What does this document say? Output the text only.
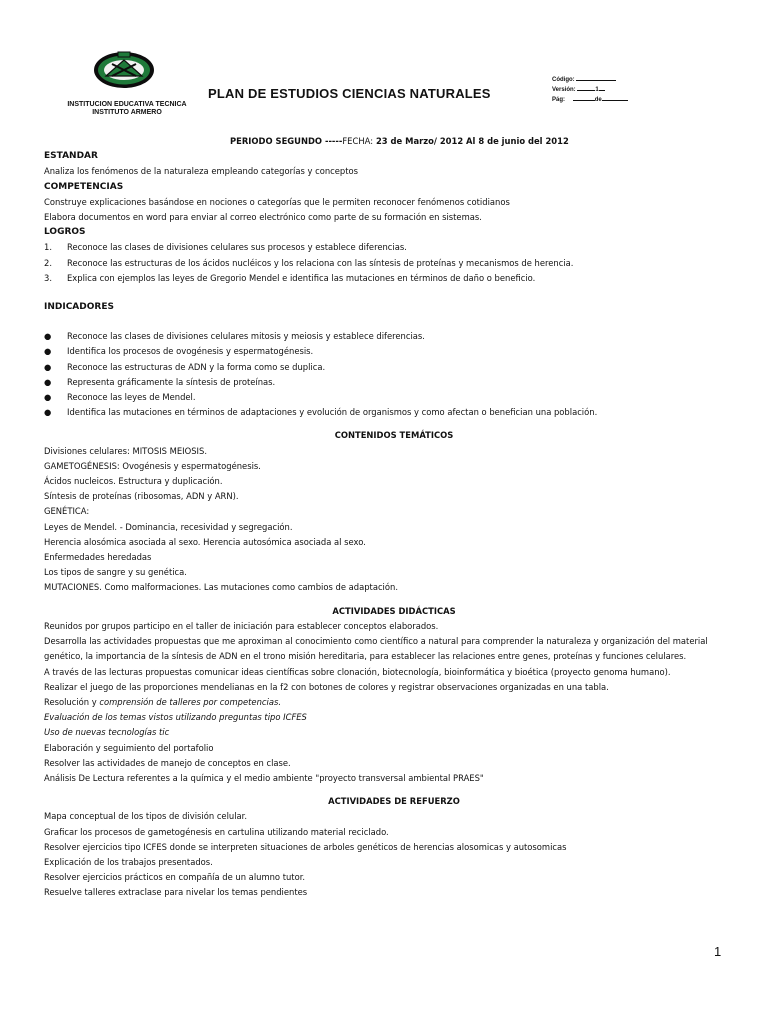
INSTITUCION EDUCATIVA TECNICA
INSTITUTO ARMERO
PLAN DE ESTUDIOS CIENCIAS NATURALES
Código:
Versión:	1
Pág:	de

PERIODO SEGUNDO -----FECHA: 23 de Marzo/ 2012 Al 8 de junio del 2012

ESTANDAR

Analiza los fenómenos de la naturaleza empleando categorías y conceptos

COMPETENCIAS

Construye explicaciones basándose en nociones o categorías que le permiten reconocer fenómenos cotidianos

Elabora documentos en word para enviar al correo electrónico como parte de su formación en sistemas.

LOGROS

1. Reconoce las clases de divisiones celulares sus procesos y establece diferencias.

2. Reconoce las estructuras de los ácidos nucléicos y los relaciona con las síntesis de proteínas y mecanismos de herencia.

3. Explica con ejemplos las leyes de Gregorio Mendel e identifica las mutaciones en términos de daño o beneficio.

INDICADORES

● Reconoce las clases de divisiones celulares mitosis y meiosis y establece diferencias.

● Identifica los procesos de ovogénesis y espermatogénesis.

● Reconoce las estructuras de ADN y la forma como se duplica.

● Representa gráficamente la síntesis de proteínas.

● Reconoce las leyes de Mendel.

● Identifica las mutaciones en términos de adaptaciones y evolución de organismos y como afectan o benefician una población.

CONTENIDOS TEMÁTICOS

Divisiones celulares: MITOSIS MEIOSIS.

GAMETOGÉNESIS: Ovogénesis y espermatogénesis.

Ácidos nucleicos. Estructura y duplicación.

Síntesis de proteínas (ribosomas, ADN y ARN).

GENÉTICA:

Leyes de Mendel. - Dominancia, recesividad y segregación.

Herencia alosómica asociada al sexo. Herencia autosómica asociada al sexo.

Enfermedades heredadas

Los tipos de sangre y su genética.

MUTACIONES. Como malformaciones. Las mutaciones como cambios de adaptación.

ACTIVIDADES DIDÁCTICAS

Reunidos por grupos participo en el taller de iniciación para establecer conceptos elaborados.

Desarrolla las actividades propuestas que me aproximan al conocimiento como científico a natural para comprender la naturaleza y organización del material genético, la importancia de la síntesis de ADN en el trono misión hereditaria, para establecer las relaciones entre genes, proteínas y funciones celulares.

A través de las lecturas propuestas comunicar ideas científicas sobre clonación, biotecnología, bioinformática y bioética (proyecto genoma humano).

Realizar el juego de las proporciones mendelianas en la f2 con botones de colores y registrar observaciones organizadas en una tabla.

Resolución y comprensión de talleres por competencias.

Evaluación de los temas vistos utilizando preguntas tipo ICFES

Uso de nuevas tecnologías tic

Elaboración y seguimiento del portafolio

Resolver las actividades de manejo de conceptos en clase.

Análisis De Lectura referentes a la química y el medio ambiente "proyecto transversal ambiental PRAES"

ACTIVIDADES DE REFUERZO

Mapa conceptual de los tipos de división celular.

Graficar los procesos de gametogénesis en cartulina utilizando material reciclado.

Resolver ejercicios tipo ICFES donde se interpreten situaciones de arboles genéticos de herencias alosomicas y autosomicas

Explicación de los trabajos presentados.

Resolver ejercicios prácticos en compañía de un alumno tutor.

Resuelve talleres extraclase para nivelar los temas pendientes

1
